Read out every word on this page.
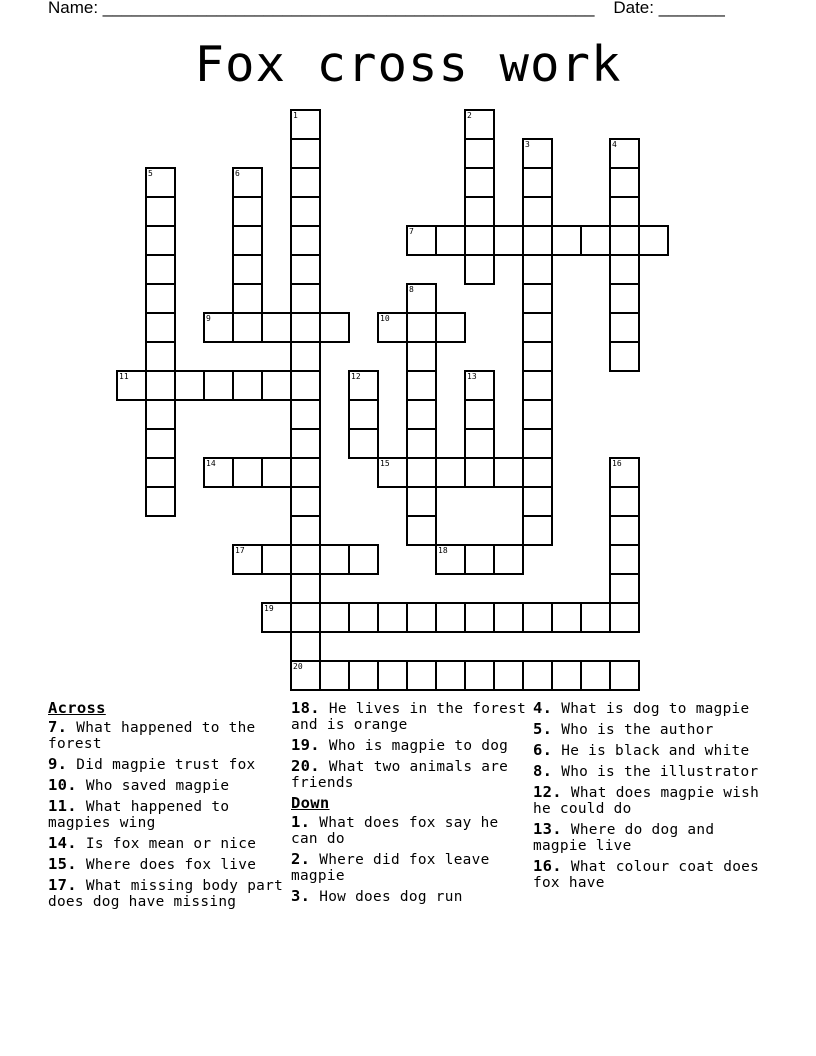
Name: ____________________________________________________ Date: _______
Fox cross work
1
20
2
3	4
5	6
7
8
9	10
11	12	13
14	15	16
17	18
19
Across
7. What happened to the forest
9. Did magpie trust fox
10. Who saved magpie
11. What happened to magpies wing
14. Is fox mean or nice
15. Where does fox live
17. What missing body part does dog have missing
18. He lives in the forest and is orange
19. Who is magpie to dog
20. What two animals are friends
Down
1. What does fox say he can do
2. Where did fox leave magpie
3. How does dog run
4. What is dog to magpie
5. Who is the author
6. He is black and white
8. Who is the illustrator
12. What does magpie wish he could do
13. Where do dog and magpie live
16. What colour coat does fox have
